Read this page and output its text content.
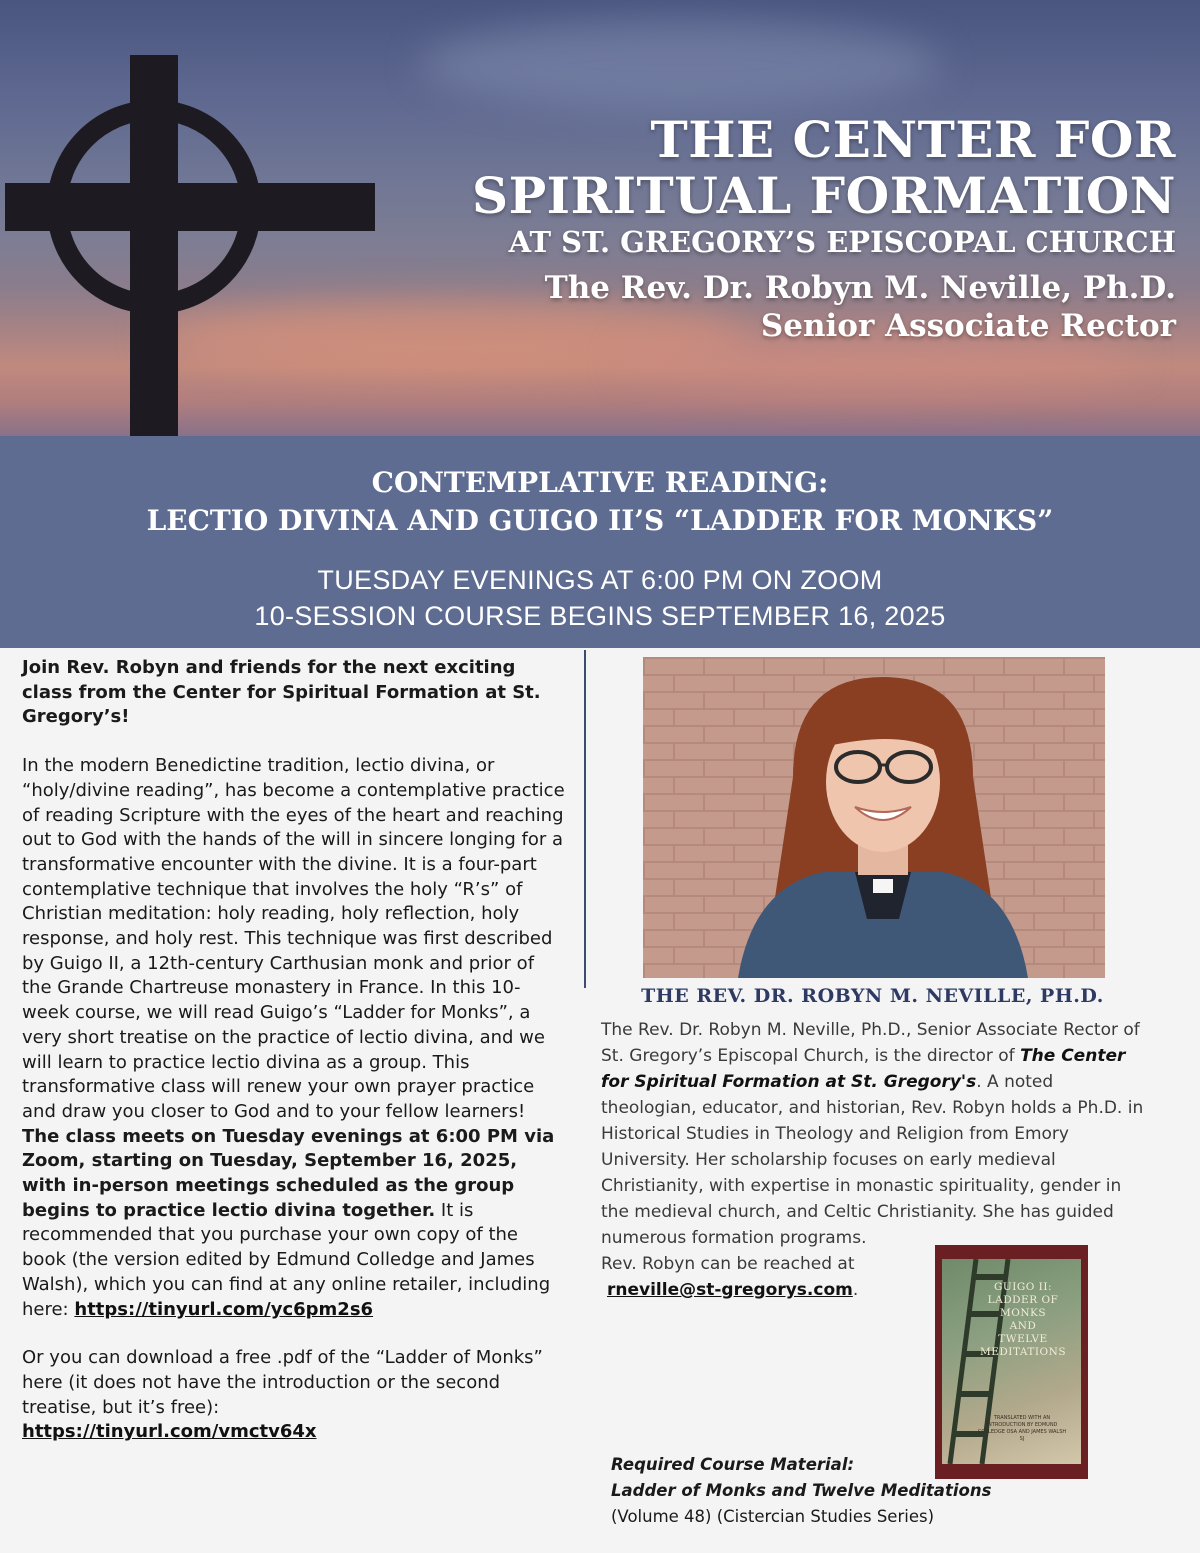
THE CENTER FOR
SPIRITUAL FORMATION
AT ST. GREGORY’S EPISCOPAL CHURCH
The Rev. Dr. Robyn M. Neville, Ph.D.
Senior Associate Rector
CONTEMPLATIVE READING:
LECTIO DIVINA AND GUIGO II’S “LADDER FOR MONKS”
TUESDAY EVENINGS AT 6:00 PM ON ZOOM
10-SESSION COURSE BEGINS SEPTEMBER 16, 2025

Join Rev. Robyn and friends for the next exciting class from the Center for Spiritual Formation at St. Gregory’s!

In the modern Benedictine tradition, lectio divina, or “holy/divine reading”, has become a contemplative practice of reading Scripture with the eyes of the heart and reaching out to God with the hands of the will in sincere longing for a transformative encounter with the divine. It is a four-part contemplative technique that involves the holy “R’s” of Christian meditation: holy reading, holy reflection, holy response, and holy rest. This technique was first described by Guigo II, a 12th-century Carthusian monk and prior of the Grande Chartreuse monastery in France. In this 10-week course, we will read Guigo’s “Ladder for Monks”, a very short treatise on the practice of lectio divina, and we will learn to practice lectio divina as a group. This transformative class will renew your own prayer practice and draw you closer to God and to your fellow learners! The class meets on Tuesday evenings at 6:00 PM via Zoom, starting on Tuesday, September 16, 2025, with in-person meetings scheduled as the group begins to practice lectio divina together. It is recommended that you purchase your own copy of the book (the version edited by Edmund Colledge and James Walsh), which you can find at any online retailer, including here: https://tinyurl.com/yc6pm2s6

Or you can download a free .pdf of the “Ladder of Monks” here (it does not have the introduction or the second treatise, but it’s free):
https://tinyurl.com/vmctv64x

THE REV. DR. ROBYN M. NEVILLE, PH.D.

The Rev. Dr. Robyn M. Neville, Ph.D., Senior Associate Rector of St. Gregory’s Episcopal Church, is the director of The Center for Spiritual Formation at St. Gregory's. A noted theologian, educator, and historian, Rev. Robyn holds a Ph.D. in Historical Studies in Theology and Religion from Emory University. Her scholarship focuses on early medieval Christianity, with expertise in monastic spirituality, gender in the medieval church, and Celtic Christianity. She has guided

numerous formation programs.

Rev. Robyn can be reached at

rneville@st-gregorys.com.	GUIGO II:
LADDER OF
MONKS
AND
TWELVE
MEDITATIONS
TRANSLATED WITH AN INTRODUCTION BY EDMUND COLLEDGE OSA AND JAMES WALSH SJ
Required Course Material:
Ladder of Monks and Twelve Meditations
(Volume 48) (Cistercian Studies Series)
